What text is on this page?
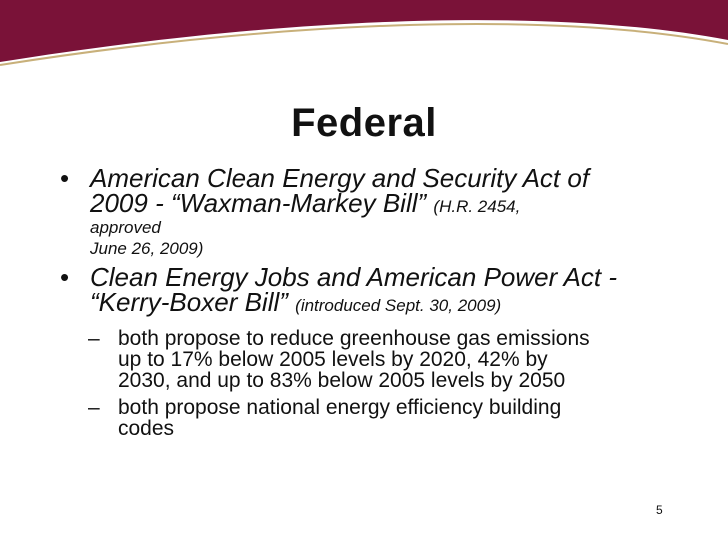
Federal
• American Clean Energy and Security Act of
2009 - “Waxman-Markey Bill” (H.R. 2454,
approved
June 26, 2009)
• Clean Energy Jobs and American Power Act -
“Kerry-Boxer Bill” (introduced Sept. 30, 2009)
– both propose to reduce greenhouse gas emissions
up to 17% below 2005 levels by 2020, 42% by
2030, and up to 83% below 2005 levels by 2050
– both propose national energy efficiency building
codes
5
